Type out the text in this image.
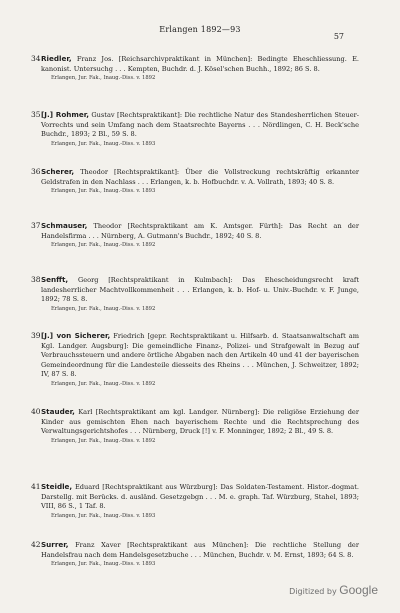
Erlangen 1892—93
57
34 Riedler, Franz Jos. [Reichsarchivpraktikant in München]: Bedingte Eheschliessung. E. kanonist. Untersuchg . . . Kempten, Buchdr. d. J. Kösel'schen Buchh., 1892; 86 S. 8.
Erlangen, Jur. Fak., Inaug.-Diss. v. 1892
35 [J.] Rohmer, Gustav [Rechtspraktikant]: Die rechtliche Natur des Standesherrlichen Steuer-Vorrechts und sein Umfang nach dem Staatsrechte Bayerns . . . Nördlingen, C. H. Beck'sche Buchdr., 1893; 2 Bl., 59 S. 8.
Erlangen, Jur. Fak., Inaug.-Diss. v. 1893
36 Scherer, Theodor [Rechtspraktikant]: Über die Vollstreckung rechtskräftig erkannter Geldstrafen in den Nachlass . . . Erlangen, k. b. Hofbuchdr. v. A. Vollrath, 1893; 40 S. 8.
Erlangen, Jur. Fak., Inaug.-Diss. v. 1893
37 Schmauser, Theodor [Rechtspraktikant am K. Amtsger. Fürth]: Das Recht an der Handelsfirma . . . Nürnberg, A. Gutmann's Buchdr., 1892; 40 S. 8.
Erlangen, Jur. Fak., Inaug.-Diss. v. 1892
38 Senfft, Georg [Rechtspraktikant in Kulmbach]: Das Ehescheidungsrecht kraft landesherrlicher Machtvollkommenheit . . . Erlangen, k. b. Hof- u. Univ.-Buchdr. v. F. Junge, 1892; 78 S. 8.
Erlangen, Jur. Fak., Inaug.-Diss. v. 1892
39 [J.] von Sicherer, Friedrich [gepr. Rechtspraktikant u. Hilfsarb. d. Staatsanwaltschaft am Kgl. Landger. Augsburg]: Die gemeindliche Finanz-, Polizei- und Strafgewalt in Bezug auf Verbrauchssteuern und andere örtliche Abgaben nach den Artikeln 40 und 41 der bayerischen Gemeindeordnung für die Landesteile diesseits des Rheins . . . München, J. Schweitzer, 1892; IV, 87 S. 8.
Erlangen, Jur. Fak., Inaug.-Diss. v. 1892
40 Stauder, Karl [Rechtspraktikant am kgl. Landger. Nürnberg]: Die religiöse Erziehung der Kinder aus gemischten Ehen nach bayerischem Rechte und die Rechtsprechung des Verwaltungsgerichtshofes . . . Nürnberg, Druck [!] v. F. Monninger, 1892; 2 Bl., 49 S. 8.
Erlangen, Jur. Fak., Inaug.-Diss. v. 1892
41 Steidle, Eduard [Rechtspraktikant aus Würzburg]: Das Soldaten-Testament. Histor.-dogmat. Darstellg. mit Berücks. d. ausländ. Gesetzgebgn . . . M. e. graph. Taf. Würzburg, Stahel, 1893; VIII, 86 S., 1 Taf. 8.
Erlangen, Jur. Fak., Inaug.-Diss. v. 1893
42 Surrer, Franz Xaver [Rechtspraktikant aus München]: Die rechtliche Stellung der Handelsfrau nach dem Handelsgesetzbuche . . . München, Buchdr. v. M. Ernst, 1893; 64 S. 8.
Erlangen, Jur. Fak., Inaug.-Diss. v. 1893
Digitized by Google
